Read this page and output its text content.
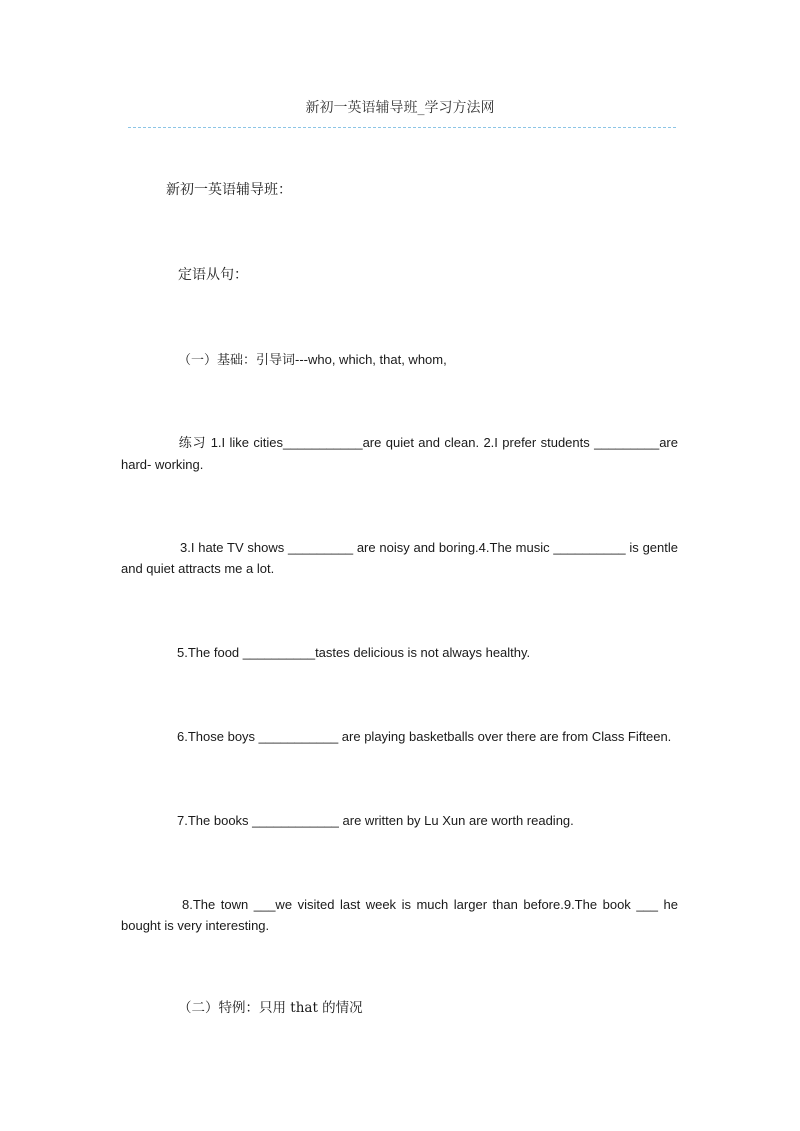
新初一英语辅导班_学习方法网
新初一英语辅导班：
定语从句：
（一）基础：引导词---who, which, that, whom,
练习 1.I like cities___________are quiet and clean. 2.I prefer students _________are hard- working.
3.I hate TV shows _________ are noisy and boring.4.The music __________ is gentle and quiet attracts me a lot.
5.The food __________tastes delicious is not always healthy.
6.Those boys ___________ are playing basketballs over there are from Class Fifteen.
7.The books ____________ are written by Lu Xun are worth reading.
8.The town ___we visited last week is much larger than before.9.The book ___ he bought is very interesting.
（二）特例：只用 that 的情况
